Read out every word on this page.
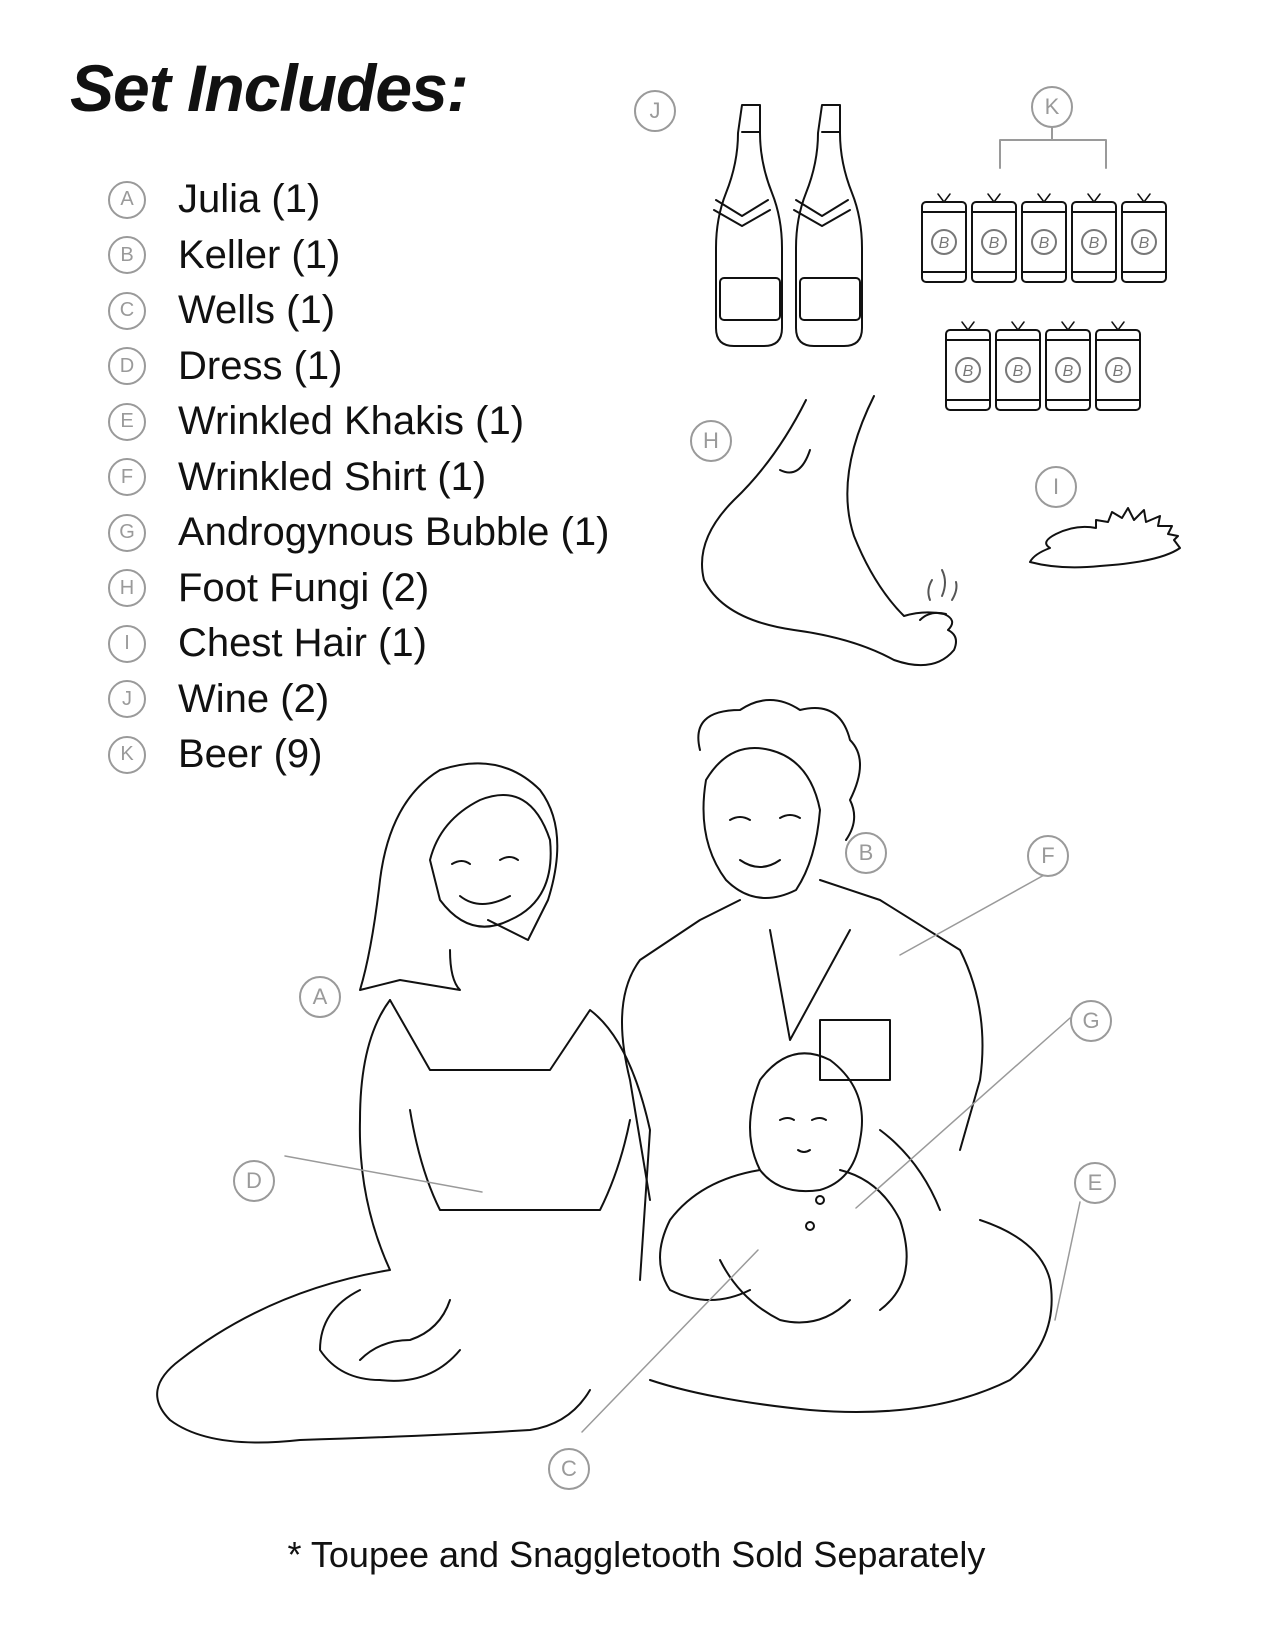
Set Includes:
A	Julia (1)
B	Keller (1)
C Wells (1)
D Dress (1)
E	Wrinkled Khakis (1)
F	Wrinkled Shirt (1)
G Androgynous Bubble (1)
H Foot Fungi (2)
I	Chest Hair (1)
J	Wine (2)
K	Beer (9)
B B B B B
B B B B
J	K
H
I
B	F
A
G
D	E
C

* Toupee and Snaggletooth Sold Separately
